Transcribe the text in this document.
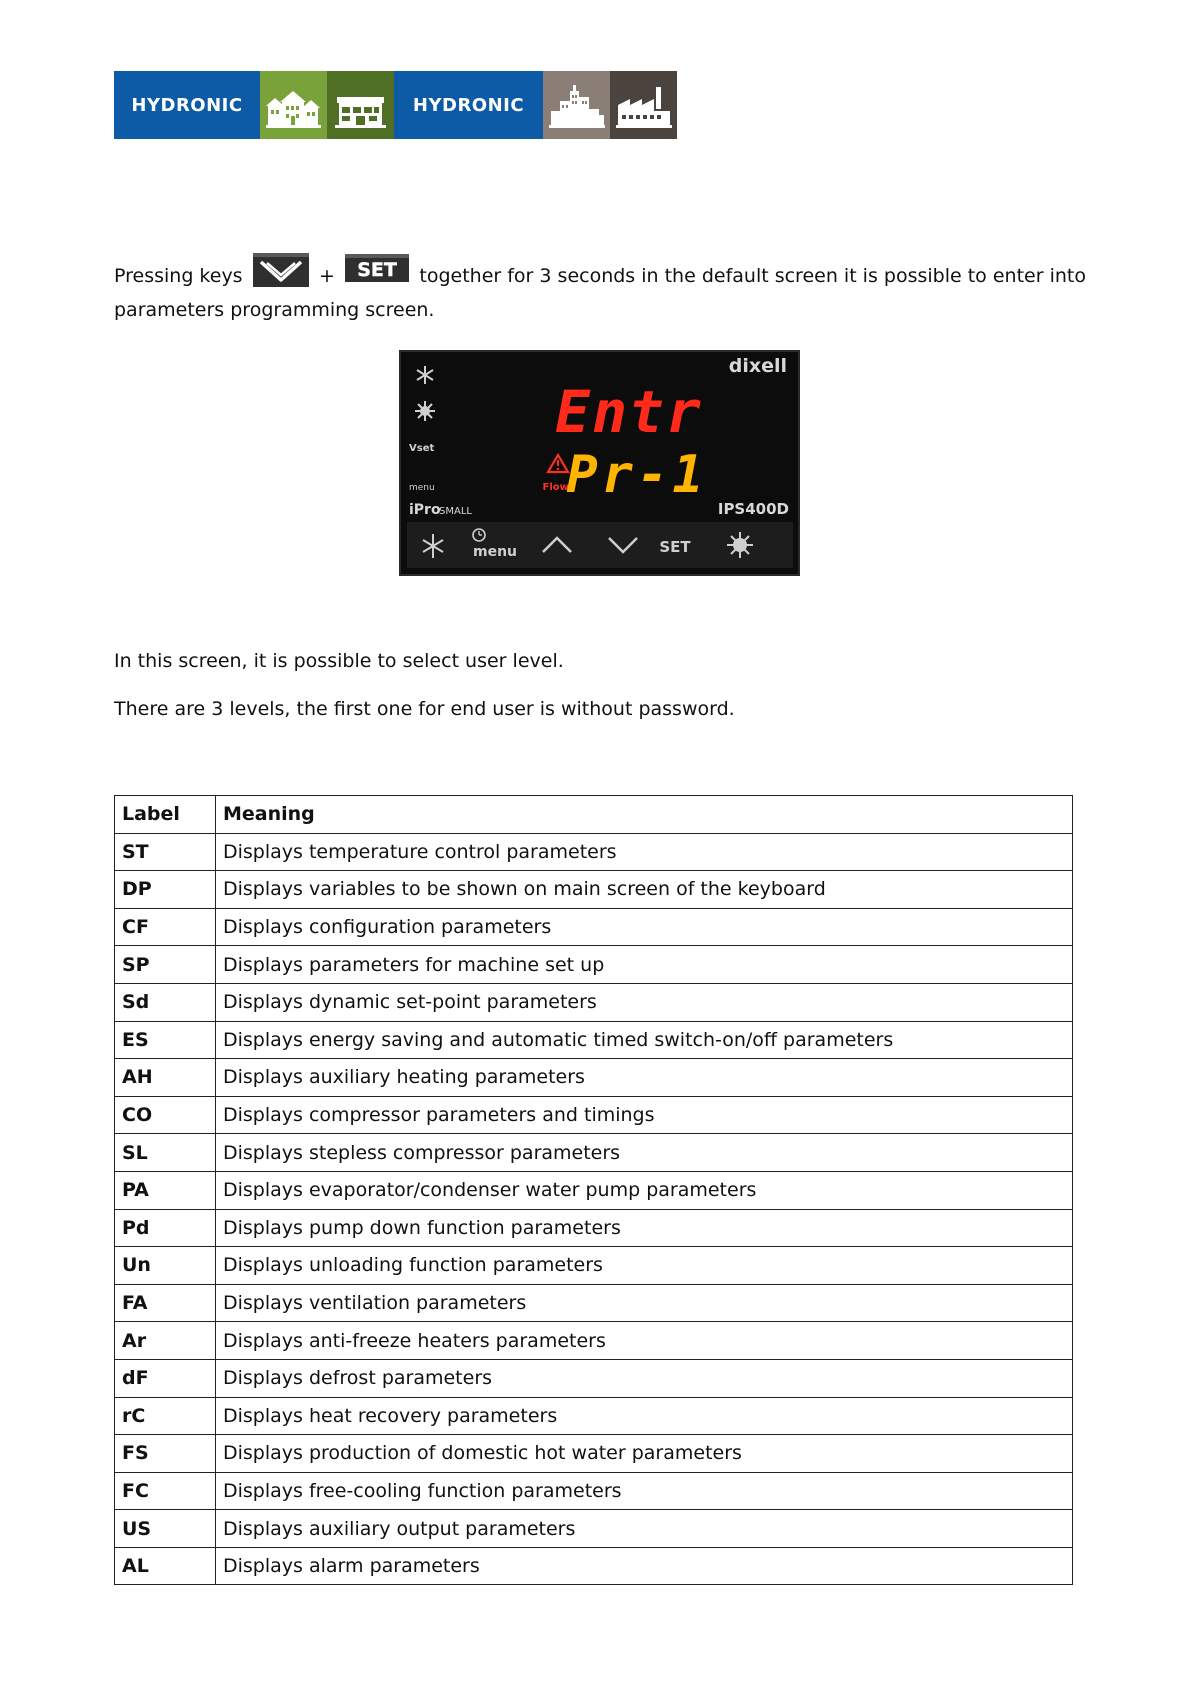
HYDRONIC	HYDRONIC
Pressing keys	+ SET together for 3 seconds in the default screen it is possible to enter into
parameters programming screen.
dixell
Vset
menu
iPro
SMALL	IPS400D
Flow!
Entr
Pr-1
menu	SET
In this screen, it is possible to select user level.
There are 3 levels, the first one for end user is without password.
Label	Meaning
ST	Displays temperature control parameters
DP	Displays variables to be shown on main screen of the keyboard
CF	Displays configuration parameters
SP	Displays parameters for machine set up
Sd	Displays dynamic set-point parameters
ES	Displays energy saving and automatic timed switch-on/off parameters
AH	Displays auxiliary heating parameters
CO	Displays compressor parameters and timings
SL	Displays stepless compressor parameters
PA	Displays evaporator/condenser water pump parameters
Pd	Displays pump down function parameters
Un	Displays unloading function parameters
FA	Displays ventilation parameters
Ar	Displays anti-freeze heaters parameters
dF	Displays defrost parameters
rC	Displays heat recovery parameters
FS	Displays production of domestic hot water parameters
FC	Displays free-cooling function parameters
US	Displays auxiliary output parameters
AL	Displays alarm parameters
